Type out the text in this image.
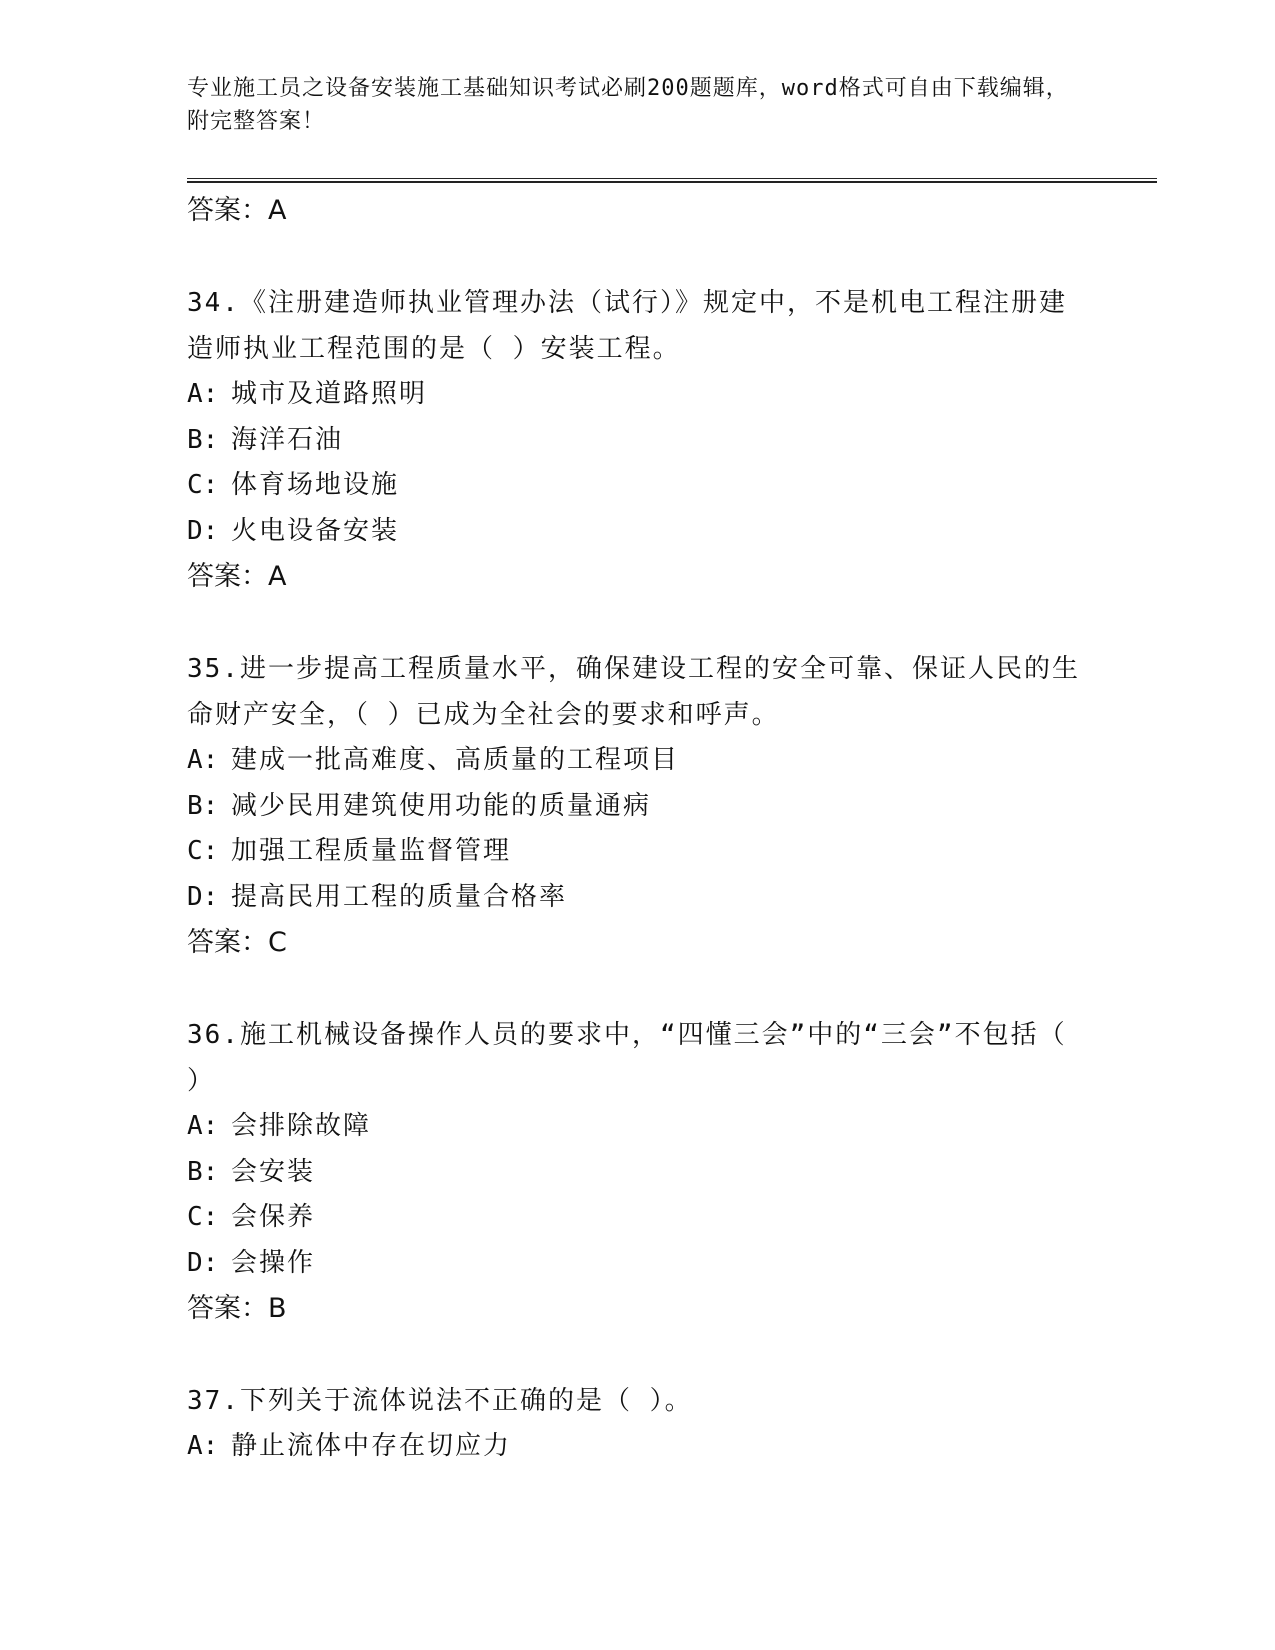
专业施工员之设备安装施工基础知识考试必刷200题题库，word格式可自由下载编辑，附完整答案！
答案：A
34.《注册建造师执业管理办法（试行）》规定中，不是机电工程注册建造师执业工程范围的是（ ）安装工程。
A: 城市及道路照明
B: 海洋石油
C: 体育场地设施
D: 火电设备安装
答案：A
35.进一步提高工程质量水平，确保建设工程的安全可靠、保证人民的生命财产安全，（ ）已成为全社会的要求和呼声。
A: 建成一批高难度、高质量的工程项目
B: 减少民用建筑使用功能的质量通病
C: 加强工程质量监督管理
D: 提高民用工程的质量合格率
答案：C
36.施工机械设备操作人员的要求中，“四懂三会”中的“三会”不包括（ ）
A: 会排除故障
B: 会安装
C: 会保养
D: 会操作
答案：B
37.下列关于流体说法不正确的是（ ）。
A: 静止流体中存在切应力
